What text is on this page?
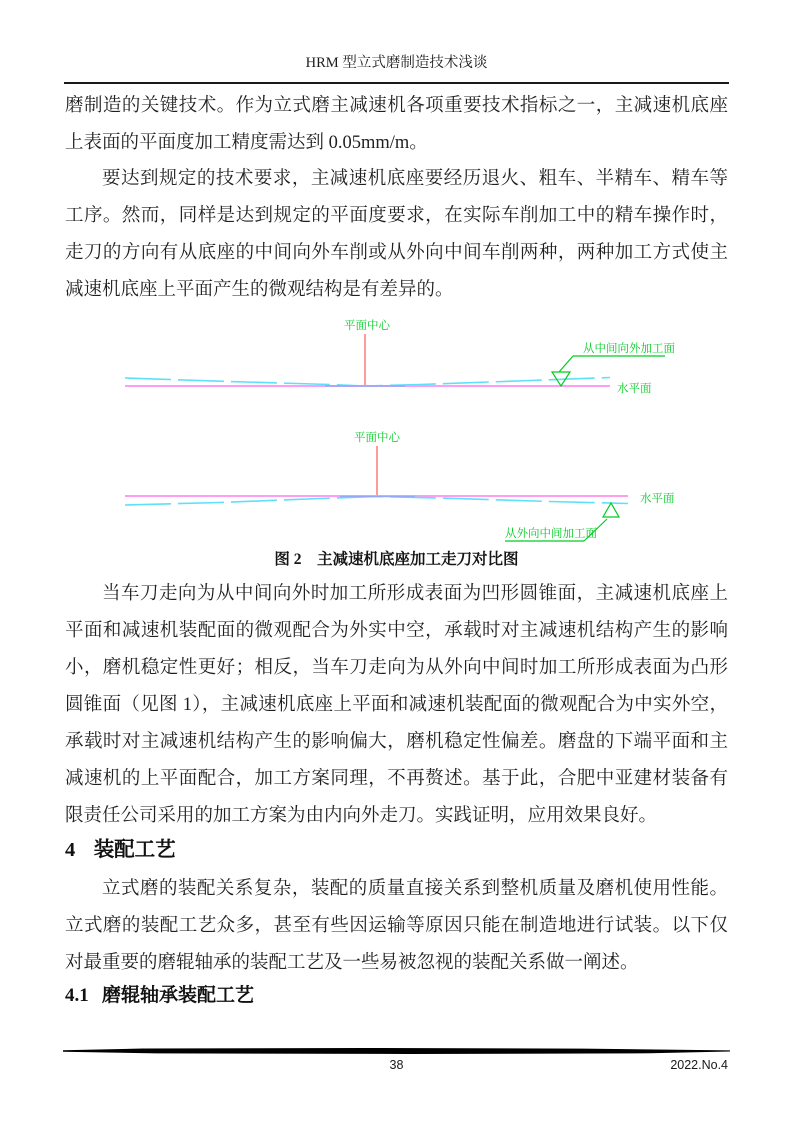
HRM 型立式磨制造技术浅谈

磨制造的关键技术。作为立式磨主减速机各项重要技术指标之一，主减速机底座上表面的平面度加工精度需达到 0.05mm/m。

要达到规定的技术要求，主减速机底座要经历退火、粗车、半精车、精车等工序。然而，同样是达到规定的平面度要求，在实际车削加工中的精车操作时，走刀的方向有从底座的中间向外车削或从外向中间车削两种，两种加工方式使主减速机底座上平面产生的微观结构是有差异的。

平面中心
从中间向外加工面
水平面
平面中心
从外向中间加工面
水平面
图 2　主减速机底座加工走刀对比图

当车刀走向为从中间向外时加工所形成表面为凹形圆锥面，主减速机底座上平面和减速机装配面的微观配合为外实中空，承载时对主减速机结构产生的影响小，磨机稳定性更好；相反，当车刀走向为从外向中间时加工所形成表面为凸形圆锥面（见图 1），主减速机底座上平面和减速机装配面的微观配合为中实外空，承载时对主减速机结构产生的影响偏大，磨机稳定性偏差。磨盘的下端平面和主减速机的上平面配合，加工方案同理，不再赘述。基于此，合肥中亚建材装备有限责任公司采用的加工方案为由内向外走刀。实践证明，应用效果良好。

4 装配工艺

立式磨的装配关系复杂，装配的质量直接关系到整机质量及磨机使用性能。立式磨的装配工艺众多，甚至有些因运输等原因只能在制造地进行试装。以下仅对最重要的磨辊轴承的装配工艺及一些易被忽视的装配关系做一阐述。

4.1 磨辊轴承装配工艺
38	2022.No.4
